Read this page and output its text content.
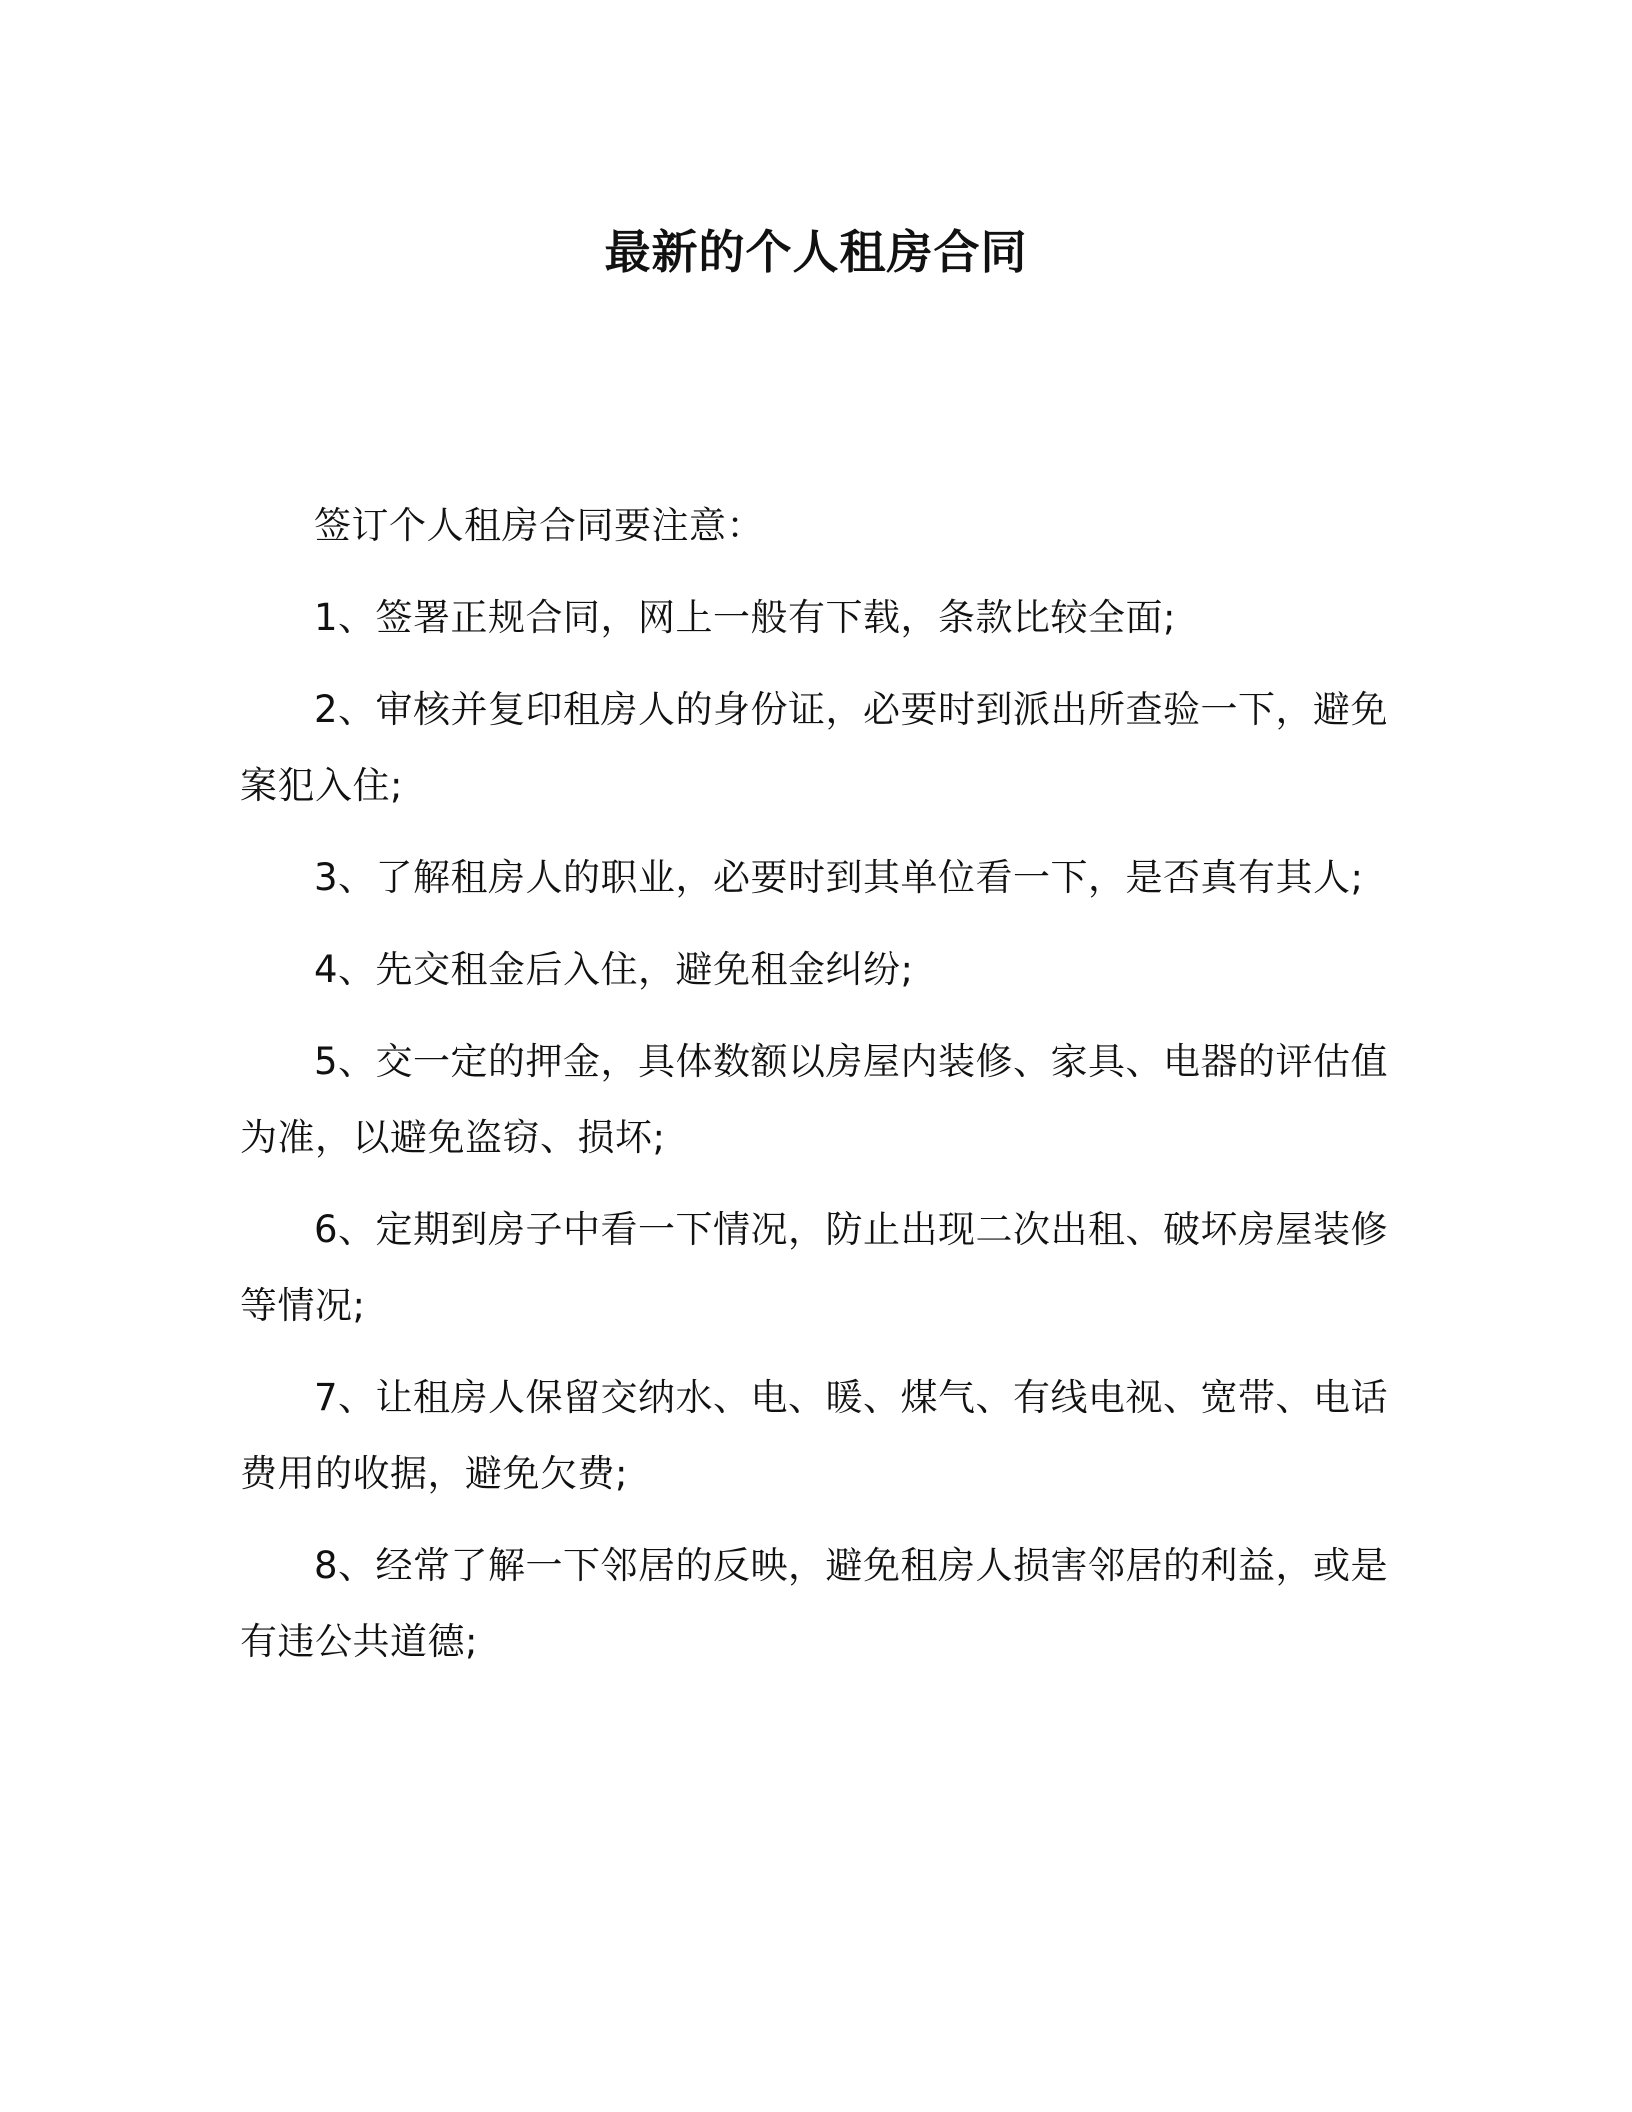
最新的个人租房合同

签订个人租房合同要注意：

1、签署正规合同，网上一般有下载，条款比较全面;

2、审核并复印租房人的身份证，必要时到派出所查验一下，避免案犯入住;

3、了解租房人的职业，必要时到其单位看一下，是否真有其人;

4、先交租金后入住，避免租金纠纷;

5、交一定的押金，具体数额以房屋内装修、家具、电器的评估值为准，以避免盗窃、损坏;

6、定期到房子中看一下情况，防止出现二次出租、破坏房屋装修等情况;

7、让租房人保留交纳水、电、暖、煤气、有线电视、宽带、电话费用的收据，避免欠费;

8、经常了解一下邻居的反映，避免租房人损害邻居的利益，或是有违公共道德;
